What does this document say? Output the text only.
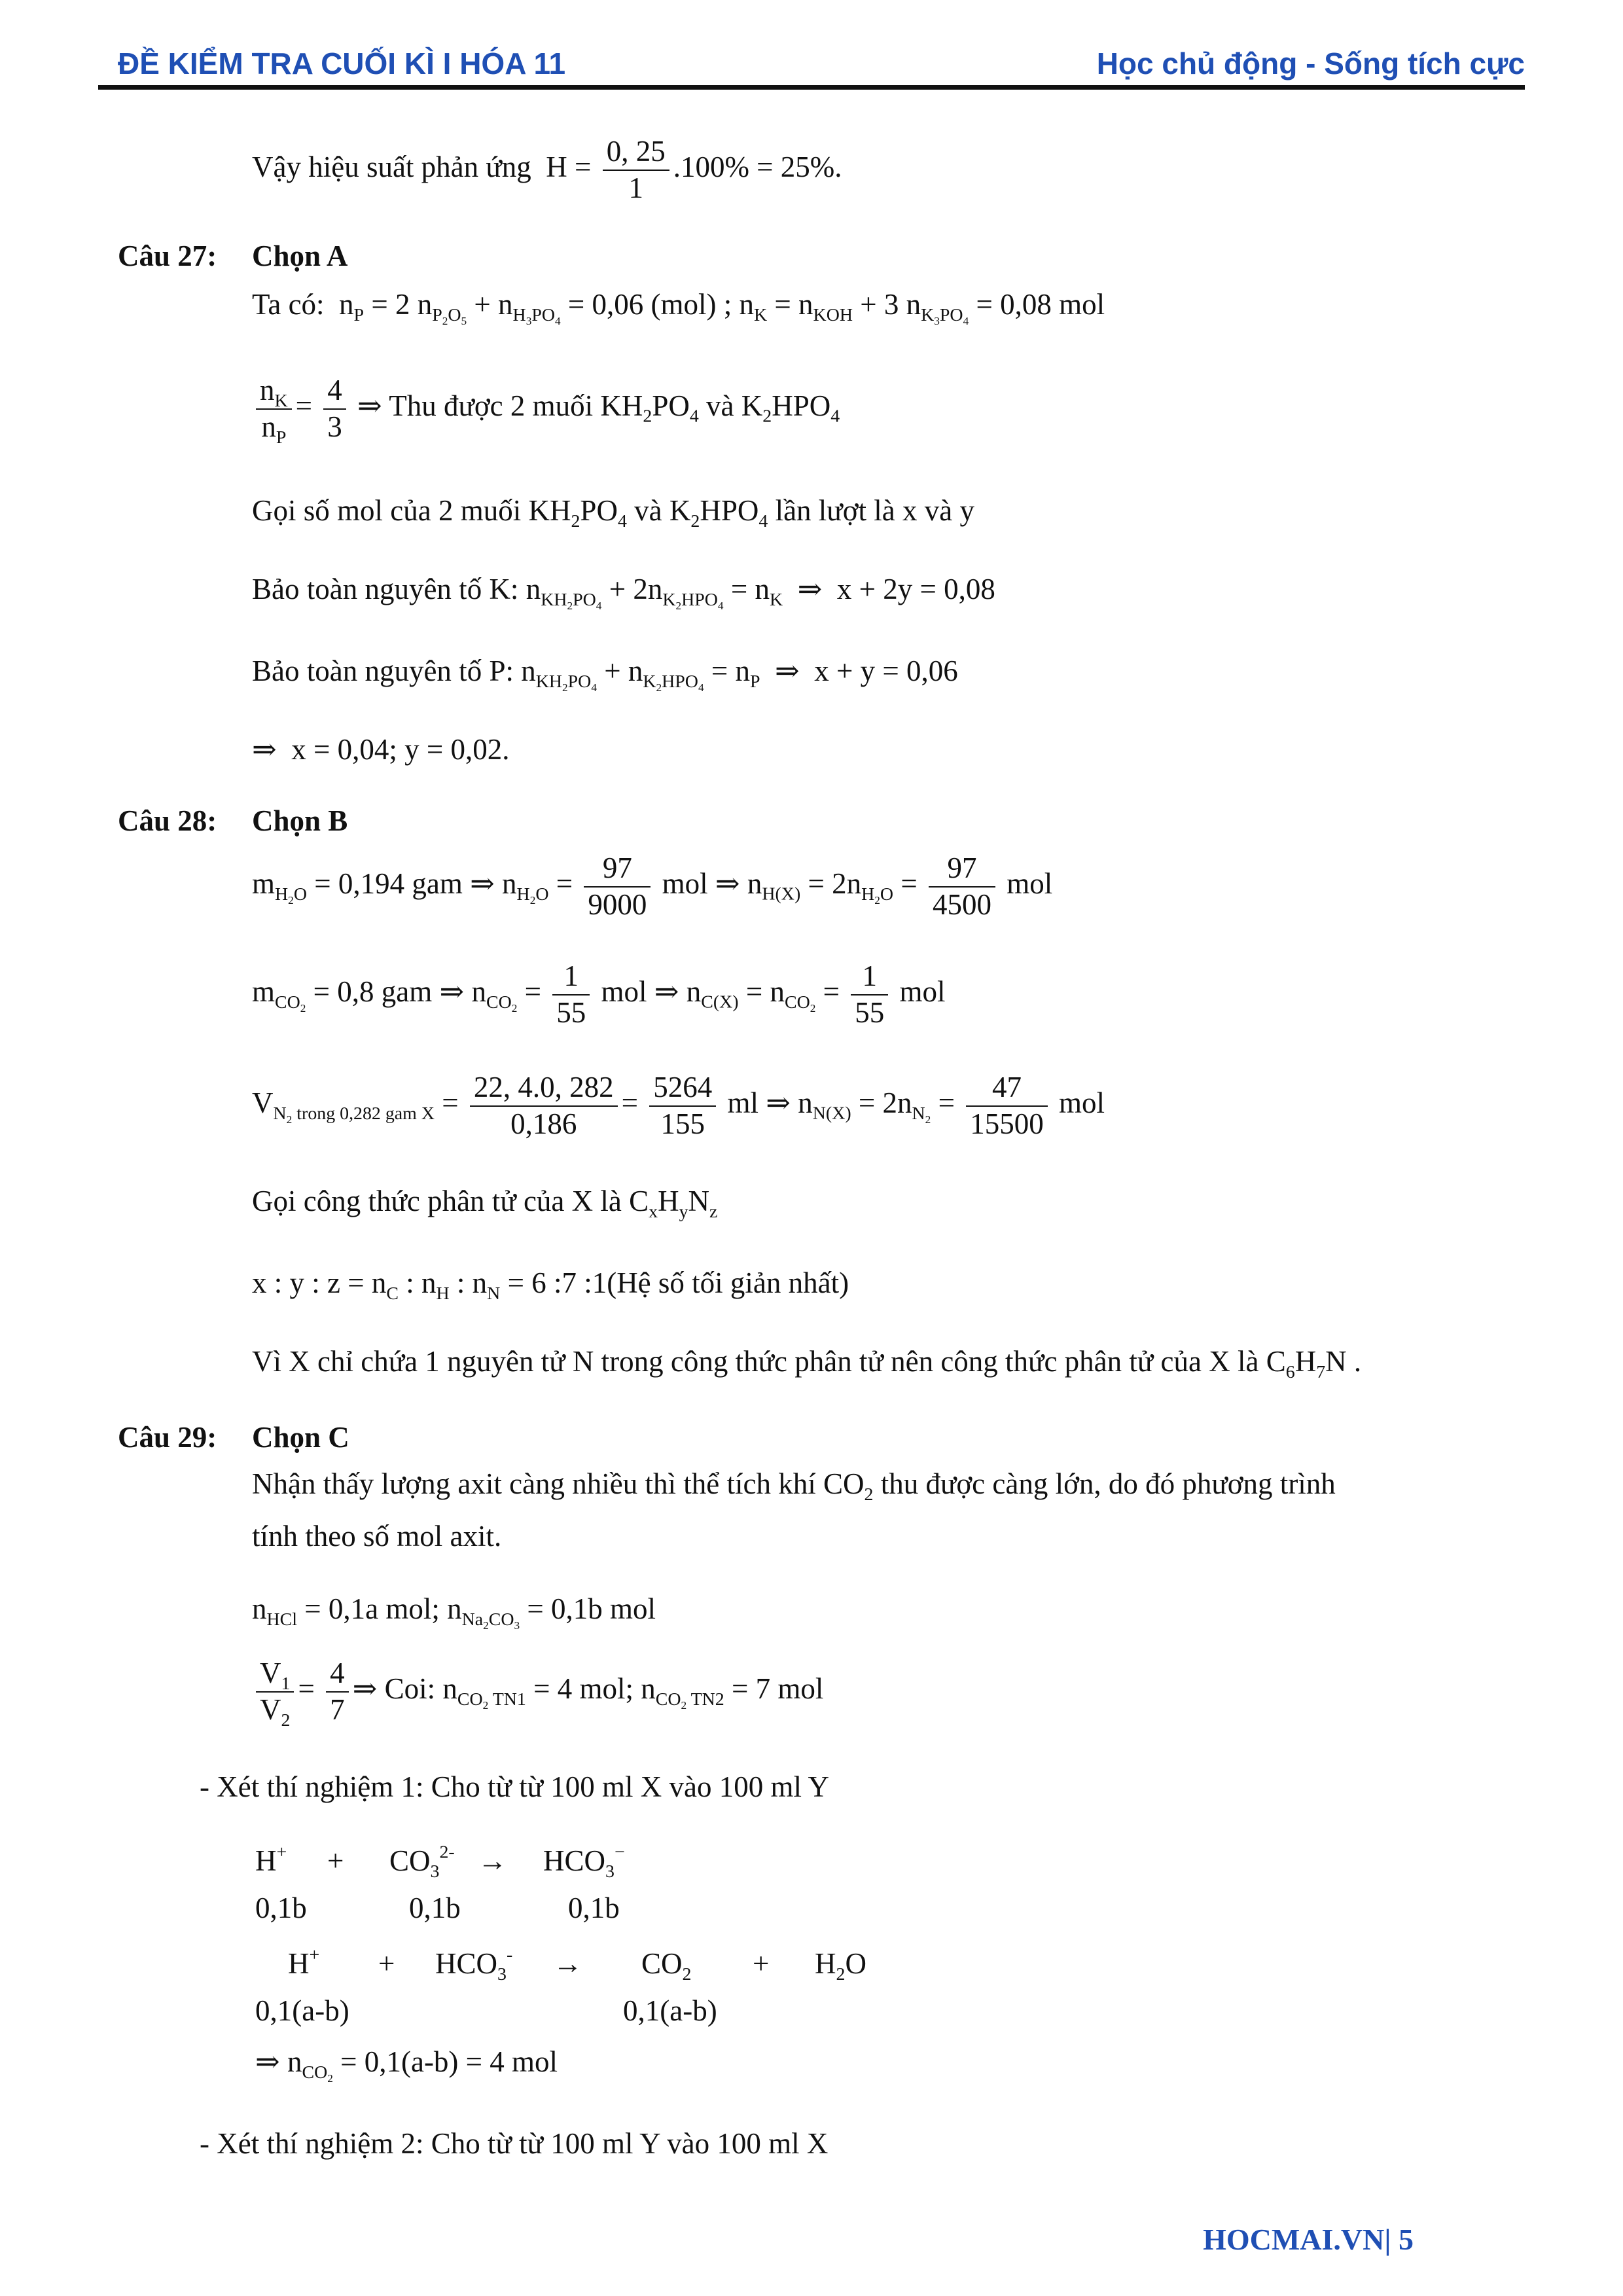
ĐỀ KIỂM TRA CUỐI KÌ I HÓA 11	Học chủ động - Sống tích cực
Vậy hiệu suất phản ứng $H = \frac{0, 25}{1} .100\% = 25\%$.
Câu 27: Chọn A
Ta có:  $n_P = 2$ $n_{P_2O_5} + n_{H_3PO_4} = 0,06$ (mol) ; $n_K = n_{KOH} + 3$ $n_{K_3PO_4} = 0,08$ mol
$\frac{n_K}{n_P} = \frac{4}{3}$ ⇒ Thu được 2 muối $KH_2PO_4$ và $K_2HPO_4$
Gọi số mol của 2 muối $KH_2PO_4$ và $K_2HPO_4$ lần lượt là x và y
Bảo toàn nguyên tố K: $n_{KH_2PO_4} + 2n_{K_2HPO_4} = n_K$  ⇒  x + 2y = 0,08
Bảo toàn nguyên tố P: $n_{KH_2PO_4} + n_{K_2HPO_4} = n_P$  ⇒  x + y = 0,06
⇒  x = 0,04; y = 0,02.
Câu 28: Chọn B
$m_{H_2O} = 0,194$ gam ⇒ $n_{H_2O} = \frac{97}{9000}$ mol ⇒ $n_{H(X)} = 2n_{H_2O} = \frac{97}{4500}$ mol
$m_{CO_2} = 0,8$ gam ⇒ $n_{CO_2} = \frac{1}{55}$ mol ⇒ $n_{C(X)} = n_{CO_2} = \frac{1}{55}$ mol
$V_{N_2 trong 0,282 gam X} = \frac{22, 4.0, 282}{0,186} = \frac{5264}{155}$ ml ⇒ $n_{N(X)} = 2n_{N_2} = \frac{47}{15500}$ mol
Gọi công thức phân tử của X là $C_xH_yN_z$
x : y : $z = n_C$ : $n_H$ : $n_N = 6$ :7 :1(Hệ số tối giản nhất)
Vì X chỉ chứa 1 nguyên tử N trong công thức phân tử nên công thức phân tử của X là $C_6H_7N$ .
Câu 29: Chọn C
Nhận thấy lượng axit càng nhiều thì thể tích khí $CO_2$ thu được càng lớn, do đó phương trình
tính theo số mol axit.
$n_{HCl} = 0,1a$ mol; $n_{Na_2CO_3} = 0,1b$ mol
$\frac{V_1}{V_2} = \frac{4}{7}$ ⇒ Coi: $n_{CO_2 TN1} = 4$ mol; $n_{CO_2 TN2} = 7$ mol
- Xét thí nghiệm 1: Cho từ từ 100 ml X vào 100 ml Y
$H^+ + CO_3^{2-} \to HCO_3^-$
0,1b	0,1b	0,1b
$H^+ + HCO_3^- \to CO_2 + H_2O$
0,1(a-b)	0,1(a-b)
⇒ $n_{CO_2} = 0,1(a-b) = 4$ mol
- Xét thí nghiệm 2: Cho từ từ 100 ml Y vào 100 ml X
HOCMAI.VN| 5
